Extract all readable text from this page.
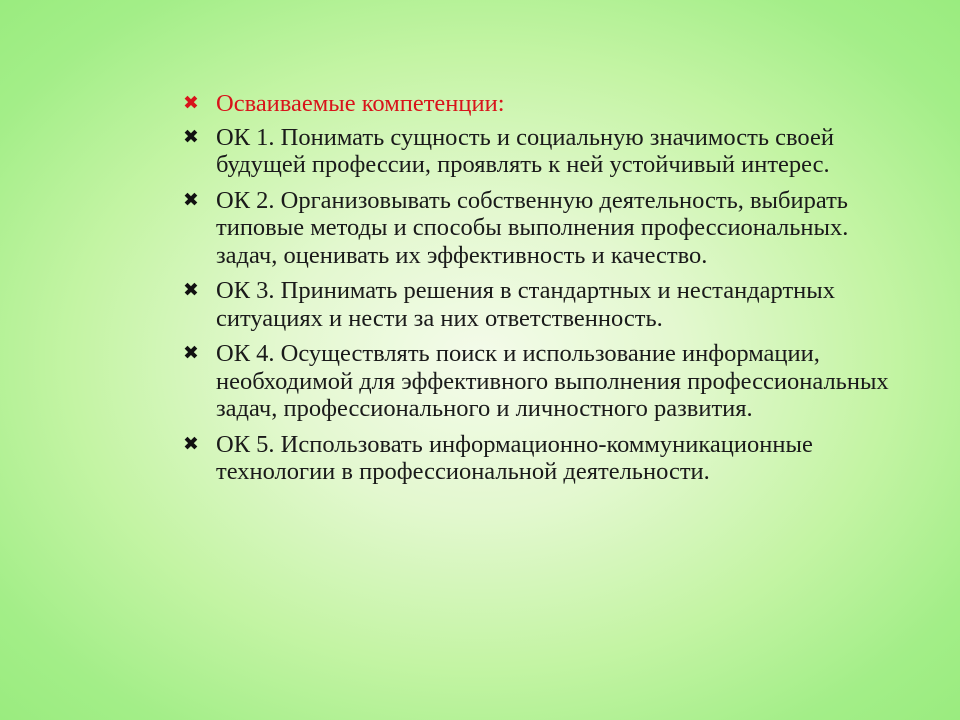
✖ Осваиваемые компетенции:
✖ ОК 1. Понимать сущность и социальную значимость своей будущей профессии, проявлять к ней устойчивый интерес.
✖ ОК 2. Организовывать собственную деятельность, выбирать типовые методы и способы выполнения профессиональных. задач, оценивать их эффективность и качество.
✖ ОК 3. Принимать решения в стандартных и нестандартных ситуациях и нести за них ответственность.
✖ ОК 4. Осуществлять поиск и использование информации, необходимой для эффективного выполнения профессиональных задач, профессионального и личностного развития.
✖ ОК 5. Использовать информационно-коммуникационные технологии в профессиональной деятельности.
